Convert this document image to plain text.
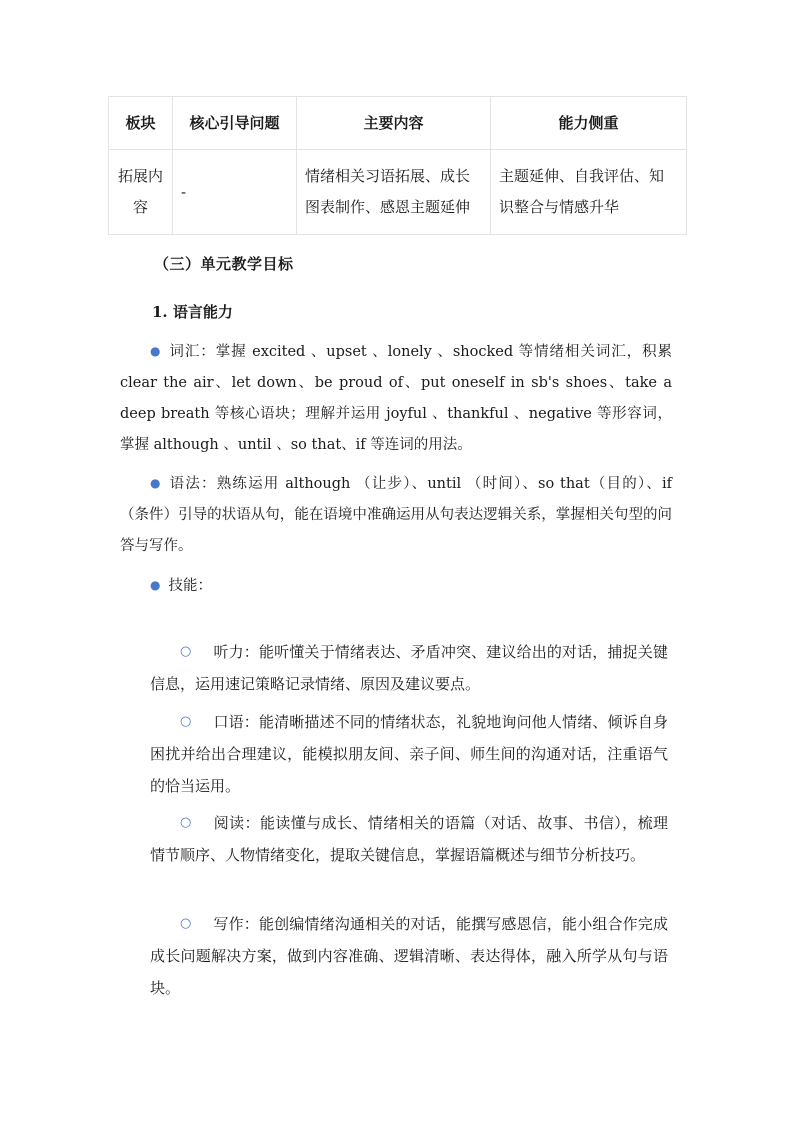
板块	核心引导问题	主要内容	能力侧重
拓展内容	-	情绪相关习语拓展、成长图表制作、感恩主题延伸	主题延伸、自我评估、知识整合与情感升华
（三）单元教学目标
1. 语言能力
● 词汇：掌握 excited 、upset 、lonely 、shocked 等情绪相关词汇，积累 clear the air、let down、be proud of、put oneself in sb's shoes、take a deep breath 等核心语块；理解并运用 joyful 、thankful 、negative 等形容词，掌握 although 、until 、so that、if 等连词的用法。
● 语法：熟练运用 although （让步）、until （时间）、so that（目的）、if （条件）引导的状语从句，能在语境中准确运用从句表达逻辑关系，掌握相关句型的问答与写作。
● 技能：
○ 听力：能听懂关于情绪表达、矛盾冲突、建议给出的对话，捕捉关键信息，运用速记策略记录情绪、原因及建议要点。
○ 口语：能清晰描述不同的情绪状态，礼貌地询问他人情绪、倾诉自身困扰并给出合理建议，能模拟朋友间、亲子间、师生间的沟通对话，注重语气的恰当运用。
○ 阅读：能读懂与成长、情绪相关的语篇（对话、故事、书信），梳理情节顺序、人物情绪变化，提取关键信息，掌握语篇概述与细节分析技巧。
○ 写作：能创编情绪沟通相关的对话，能撰写感恩信，能小组合作完成成长问题解决方案，做到内容准确、逻辑清晰、表达得体，融入所学从句与语块。
